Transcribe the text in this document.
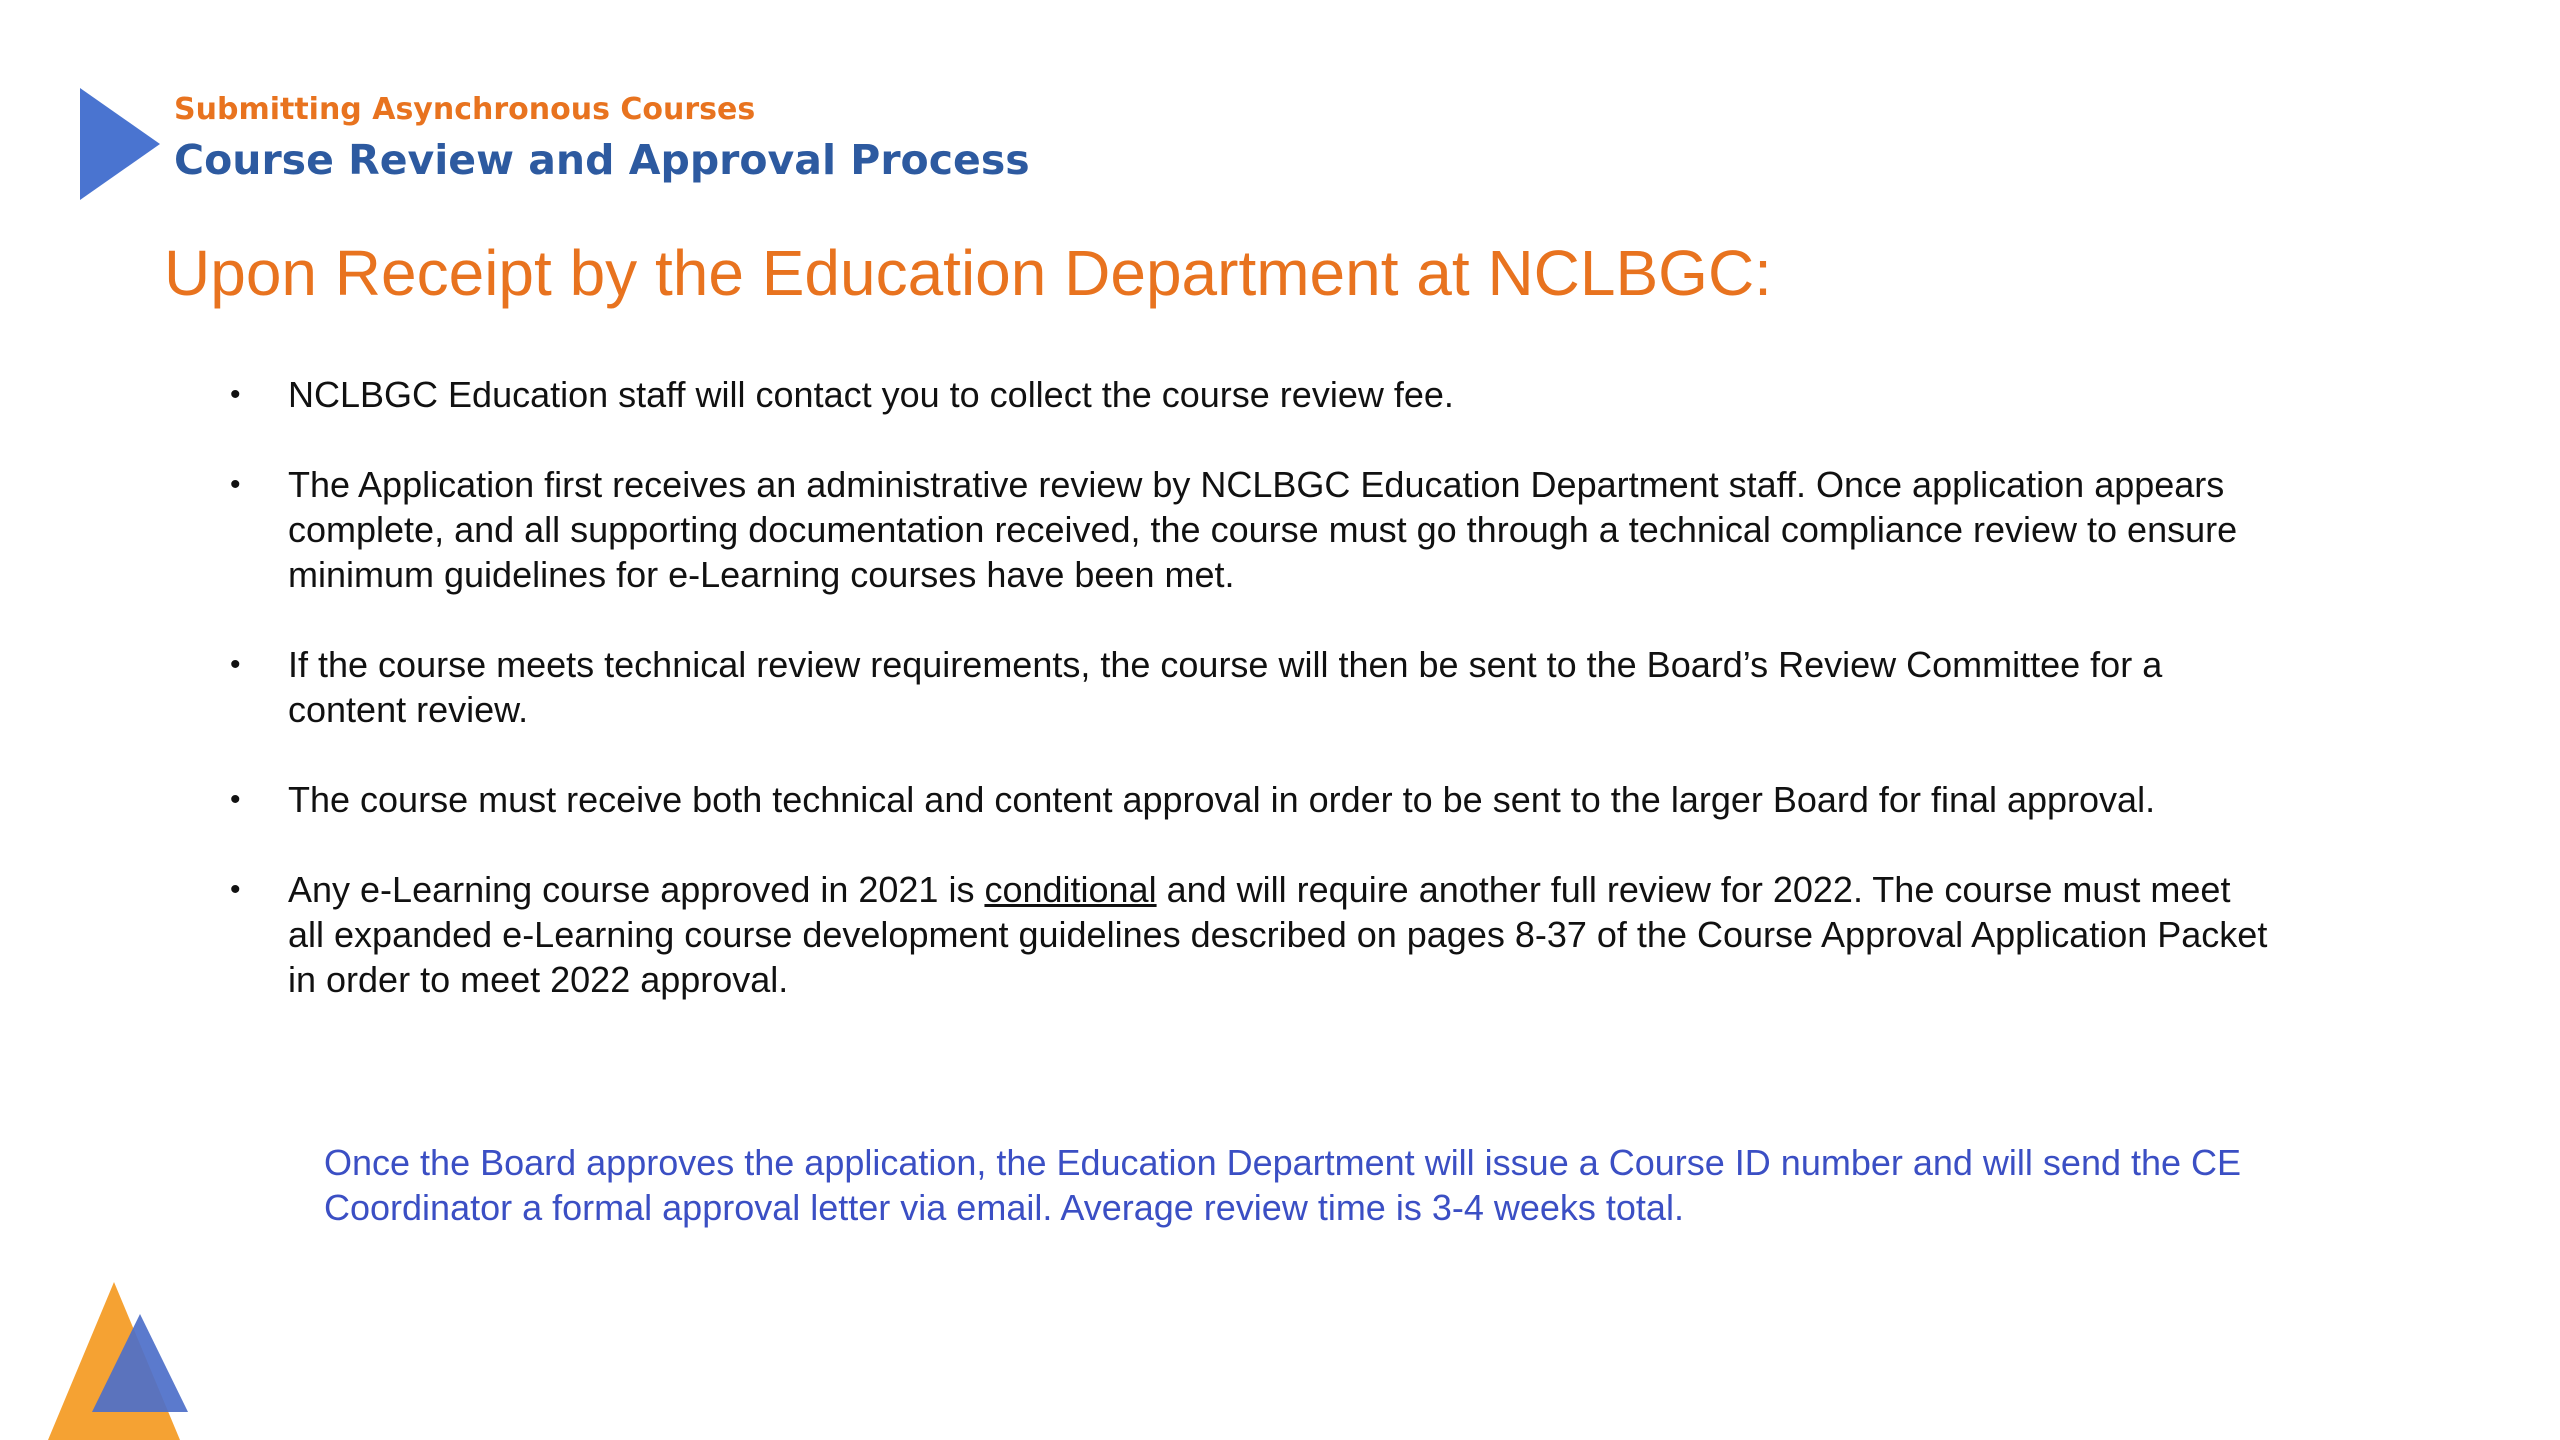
Submitting Asynchronous Courses
Course Review and Approval Process
Upon Receipt by the Education Department at NCLBGC:
• NCLBGC Education staff will contact you to collect the course review fee.
• The Application first receives an administrative review by NCLBGC Education Department staff. Once application appears complete, and all supporting documentation received, the course must go through a technical compliance review to ensure minimum guidelines for e-Learning courses have been met.
• If the course meets technical review requirements, the course will then be sent to the Board’s Review Committee for a content review.
• The course must receive both technical and content approval in order to be sent to the larger Board for final approval.
• Any e-Learning course approved in 2021 is conditional and will require another full review for 2022. The course must meet all expanded e-Learning course development guidelines described on pages 8-37 of the Course Approval Application Packet in order to meet 2022 approval.
Once the Board approves the application, the Education Department will issue a Course ID number and will send the CE Coordinator a formal approval letter via email. Average review time is 3-4 weeks total.
